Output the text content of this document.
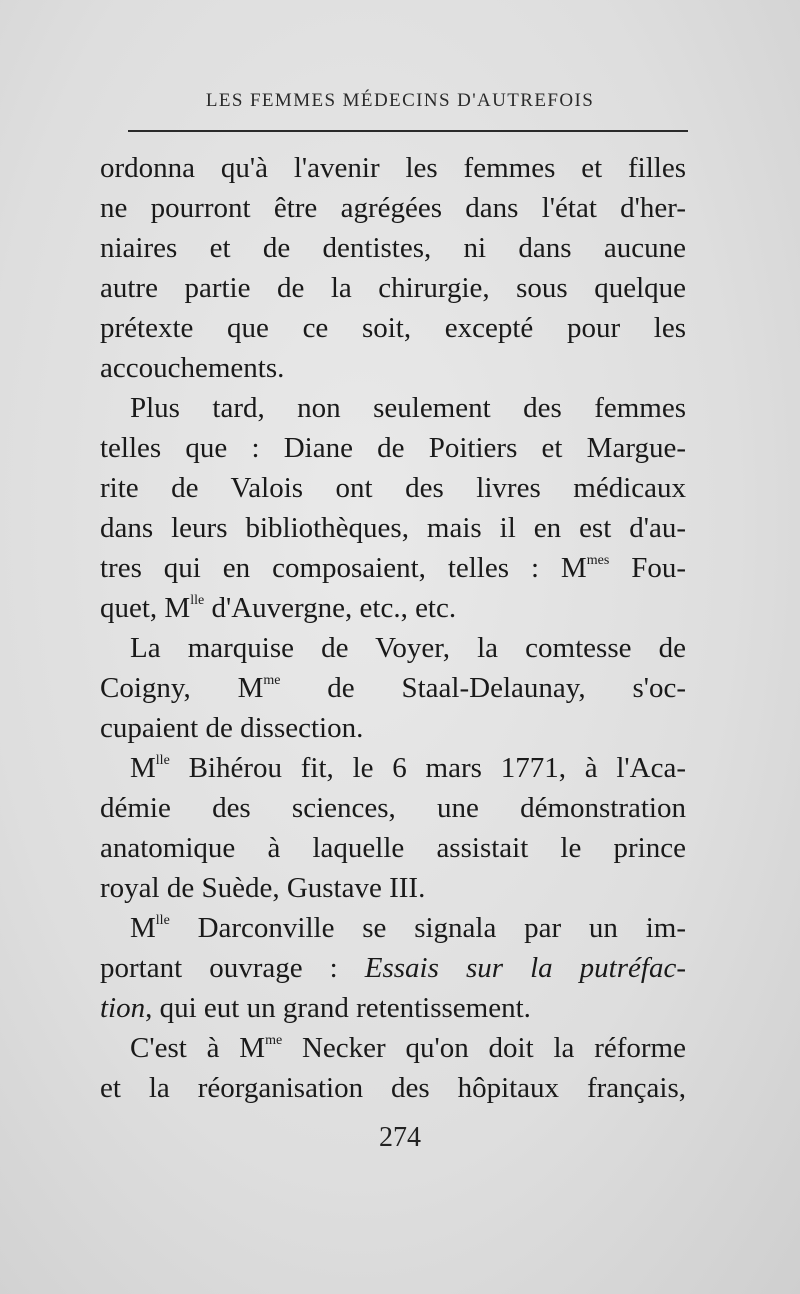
LES FEMMES MÉDECINS D'AUTREFOIS
ordonna qu'à l'avenir les femmes et filles
ne pourront être agrégées dans l'état d'her-
niaires et de dentistes, ni dans aucune
autre partie de la chirurgie, sous quelque
prétexte que ce soit, excepté pour les
accouchements.
Plus tard, non seulement des femmes
telles que : Diane de Poitiers et Margue-
rite de Valois ont des livres médicaux
dans leurs bibliothèques, mais il en est d'au-
tres qui en composaient, telles : $M^{mes}$ Fou-
quet, $M^{lle}$ d'Auvergne, etc., etc.
La marquise de Voyer, la comtesse de
Coigny, $M^{me}$ de Staal-Delaunay, s'oc-
cupaient de dissection.
$M^{lle}$ Bihérou fit, le 6 mars 1771, à l'Aca-
démie des sciences, une démonstration
anatomique à laquelle assistait le prince
royal de Suède, Gustave III.
$M^{lle}$ Darconville se signala par un im-
portant ouvrage : Essais sur la putréfac-
tion, qui eut un grand retentissement.
C'est à $M^{me}$ Necker qu'on doit la réforme
et la réorganisation des hôpitaux français,
274
